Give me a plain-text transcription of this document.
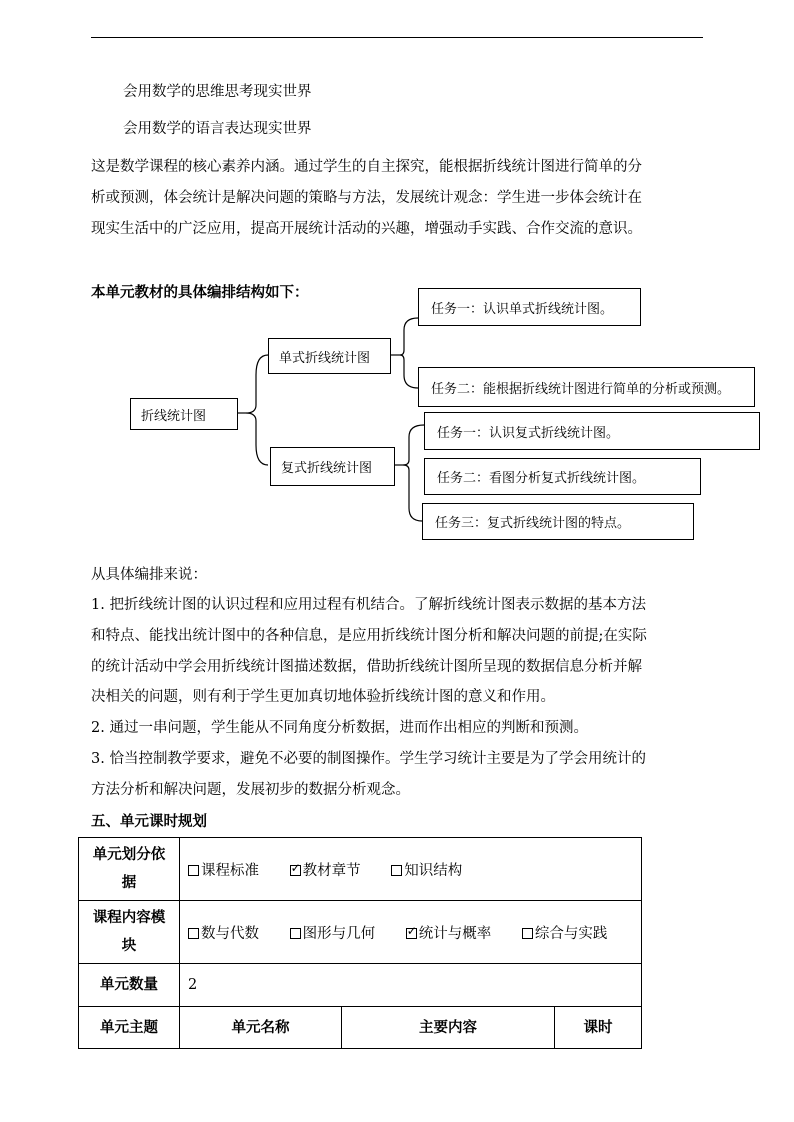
会用数学的思维思考现实世界
会用数学的语言表达现实世界
这是数学课程的核心素养内涵。通过学生的自主探究，能根据折线统计图进行简单的分
析或预测，体会统计是解决问题的策略与方法，发展统计观念：学生进一步体会统计在
现实生活中的广泛应用，提高开展统计活动的兴趣，增强动手实践、合作交流的意识。
本单元教材的具体编排结构如下：
折线统计图
单式折线统计图
复式折线统计图
任务一：认识单式折线统计图。
任务二：能根据折线统计图进行简单的分析或预测。
任务一：认识复式折线统计图。
任务二：看图分析复式折线统计图。
任务三：复式折线统计图的特点。
从具体编排来说：
1. 把折线统计图的认识过程和应用过程有机结合。了解折线统计图表示数据的基本方法
和特点、能找出统计图中的各种信息，是应用折线统计图分析和解决问题的前提;在实际
的统计活动中学会用折线统计图描述数据，借助折线统计图所呈现的数据信息分析并解
决相关的问题，则有利于学生更加真切地体验折线统计图的意义和作用。
2. 通过一串问题，学生能从不同角度分析数据，进而作出相应的判断和预测。
3. 恰当控制教学要求，避免不必要的制图操作。学生学习统计主要是为了学会用统计的
方法分析和解决问题，发展初步的数据分析观念。
五、单元课时规划
单元划分依
据	课程标准 ✓ 教材章节 知识结构

课程内容模
块	数与代数 图形与几何 ✓ 统计与概率 综合与实践
单元数量	2		
单元主题	单元名称	主要内容	课时
